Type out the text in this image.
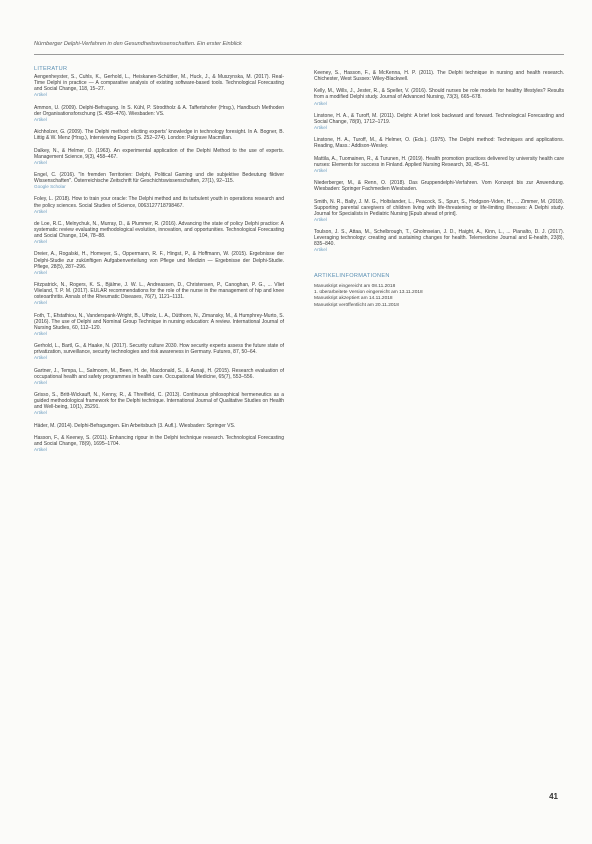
Nürnberger Delphi-Verfahren in den Gesundheitswissenschaften. Ein erster Einblick
LITERATUR
Aengenheyster, S., Cuhls, K., Gerhold, L., Heiskanen-Schüttler, M., Huck, J., & Muszynska, M. (2017). Real-Time Delphi in practice — A comparative analysis of existing software-based tools. Technological Forecasting and Social Change, 118, 15–27.
Artikel
Ammon, U. (2009). Delphi-Befragung. In S. Kühl, P. Strodtholz & A. Taffertshofer (Hrsg.), Handbuch Methoden der Organisationsforschung (S. 458–476). Wiesbaden: VS.
Artikel
Aichholzer, G. (2009). The Delphi method: eliciting experts' knowledge in technology foresight. In A. Bogner, B. Littig & W. Menz (Hrsg.), Interviewing Experts (S. 252–274). London: Palgrave Macmillan.
Dalkey, N., & Helmer, O. (1963). An experimental application of the Delphi Method to the use of experts. Management Science, 9(3), 458–467.
Artikel
Engel, C. (2016). "In fremden Territorien: Delphi, Political Gaming und die subjektive Bedeutung fiktiver Wissenschaften". Österreichische Zeitschrift für Geschichtswissenschaften, 27(1), 92–115.
Google Scholar
Foley, L. (2018). How to train your oracle: The Delphi method and its turbulent youth in operations research and the policy sciences. Social Studies of Science, 0063127718798467.
Artikel
de Loe, R.C., Melnychuk, N., Murray, D., & Plummer, R. (2016). Advancing the state of policy Delphi practice: A systematic review evaluating methodological evolution, innovation, and opportunities. Technological Forecasting and Social Change, 104, 78–88.
Artikel
Dreier, A., Rogalski, H., Homeyer, S., Oppermann, R. F., Hingst, P., & Hoffmann, W. (2015). Ergebnisse der Delphi-Studie zur zukünftigen Aufgabenverteilung von Pflege und Medizin — Ergebnisse der Delphi-Studie. Pflege, 28(5), 287–296.
Artikel
Fitzpatrick, N., Rogers, K. S., Bjälme, J. W. L., Andreassen, D., Christensen, P., Canoghan, P. G., ... Vliet Vlieland, T. P. M. (2017). EULAR recommendations for the role of the nurse in the management of hip and knee osteoarthritis. Annals of the Rheumatic Diseases, 76(7), 1121–1131.
Artikel
Foth, T., Efstathiou, N., Vanderspank-Wright, B., Ufholz, L. A., Dütthorn, N., Zimansky, M., & Humphrey-Murto, S. (2016). The use of Delphi and Nominal Group Technique in nursing education: A review. International Journal of Nursing Studies, 60, 112–120.
Artikel
Gerhold, L., Bartl, G., & Haake, N. (2017). Security culture 2030. How security experts assess the future state of privatization, surveillance, security technologies and risk awareness in Germany. Futures, 87, 50–64.
Artikel
Gartner, J., Tempa, L., Salmoom, M., Been, H. de, Macdonald, S., & Aunaji, H. (2015). Research evaluation of occupational health and safety programmes in health care. Occupational Medicine, 65(7), 553–556.
Artikel
Grisso, S., Britt-Wickauff, N., Kenny, R., & Threlfield, C. (2013). Continuous philosophical hermeneutics as a guided methodological framework for the Delphi technique. International Journal of Qualitative Studies on Health and Well-being, 10(1), 25291.
Artikel
Häder, M. (2014). Delphi-Befragungen. Ein Arbeitsbuch (3. Aufl.). Wiesbaden: Springer VS.
Hasson, F., & Keeney, S. (2011). Enhancing rigour in the Delphi technique research. Technological Forecasting and Social Change, 78(9), 1695–1704.
Artikel
Keeney, S., Hasson, F., & McKenna, H. P. (2011). The Delphi technique in nursing and health research. Chichester, West Sussex: Wiley-Blackwell.
Kelly, M., Wills, J., Jester, R., & Speller, V. (2016). Should nurses be role models for healthy lifestyles? Results from a modified Delphi study. Journal of Advanced Nursing, 73(3), 665–678.
Artikel
Linstone, H. A., & Turoff, M. (2011). Delphi: A brief look backward and forward. Technological Forecasting and Social Change, 78(9), 1712–1719.
Artikel
Linstone, H. A., Turoff, M., & Helmer, O. (Eds.). (1975). The Delphi method: Techniques and applications. Reading, Mass.: Addison-Wesley.
Mattila, A., Tuomainen, R., & Turunen, H. (2019). Health promotion practices delivered by university health care nurses: Elements for success in Finland. Applied Nursing Research, 30, 45–51.
Artikel
Niederberger, M., & Renn, O. (2018). Das Gruppendelphi-Verfahren. Vom Konzept bis zur Anwendung. Wiesbaden: Springer Fachmedien Wiesbaden.
Smith, N. R., Bally, J. M. G., Holtslander, L., Peacock, S., Spurr, S., Hodgson-Viden, H., ... Zimmer, M. (2018). Supporting parental caregivers of children living with life-threatening or life-limiting illnesses: A Delphi study. Journal for Specialists in Pediatric Nursing [Epub ahead of print].
Artikel
Toulson, J. S., Attaa, M., Schelbrough, T., Gholmseian, J. D., Haight, A., Kinn, L., ... Pianalto, D. J. (2017). Leveraging technology: creating and sustaining changes for health. Telemedicine Journal and E-health, 23(8), 835–840.
Artikel
ARTIKELINFORMATIONEN
Manuskript eingereicht am 08.11.2018
1. überarbeitete Version eingereicht am 13.11.2018
Manuskript akzeptiert am 14.11.2018
Manuskript veröffentlicht am 20.11.2018
41
